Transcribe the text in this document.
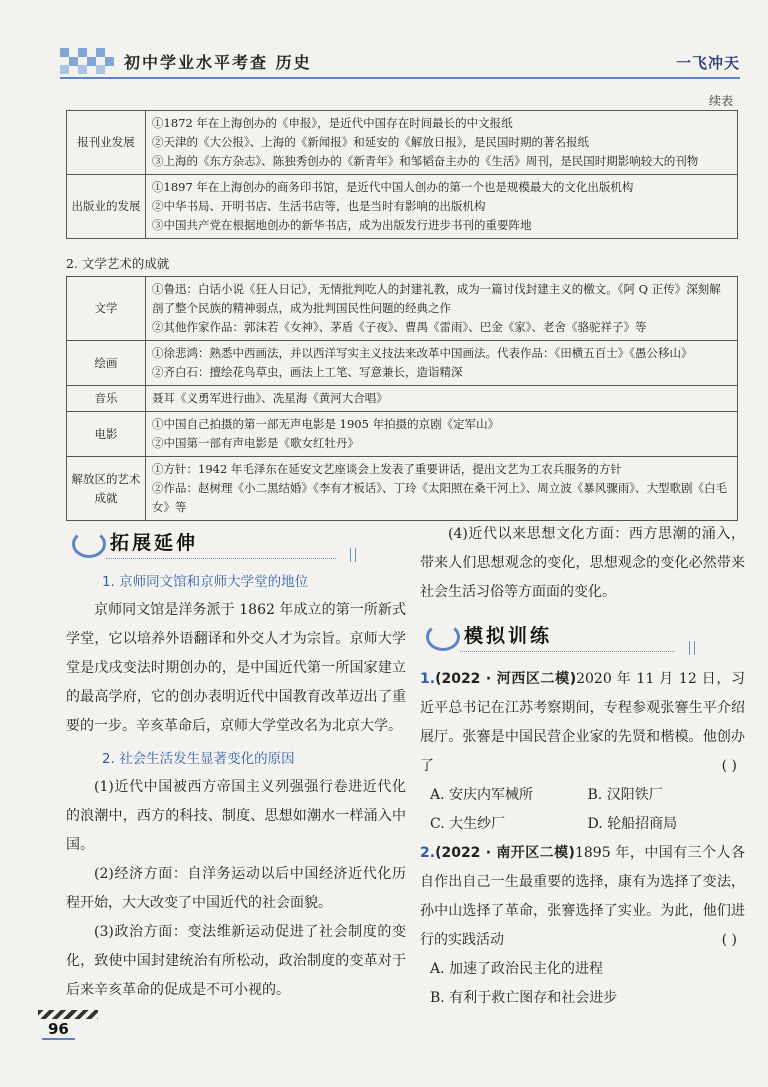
初中学业水平考查 历史	一飞冲天
续表
报刊业发展	①1872 年在上海创办的《申报》，是近代中国存在时间最长的中文报纸
②天津的《大公报》、上海的《新闻报》和延安的《解放日报》，是民国时期的著名报纸
③上海的《东方杂志》、陈独秀创办的《新青年》和邹韬奋主办的《生活》周刊，是民国时期影响较大的刊物

出版业的发展	①1897 年在上海创办的商务印书馆，是近代中国人创办的第一个也是规模最大的文化出版机构
②中华书局、开明书店、生活书店等，也是当时有影响的出版机构
③中国共产党在根据地创办的新华书店，成为出版发行进步书刊的重要阵地
2. 文学艺术的成就
文学	①鲁迅：白话小说《狂人日记》，无情批判吃人的封建礼教，成为一篇讨伐封建主义的檄文。《阿 Q 正传》深刻解剖了整个民族的精神弱点，成为批判国民性问题的经典之作
②其他作家作品：郭沫若《女神》、茅盾《子夜》、曹禺《雷雨》、巴金《家》、老舍《骆驼祥子》等

绘画	①徐悲鸿：熟悉中西画法，并以西洋写实主义技法来改革中国画法。代表作品：《田横五百士》《愚公移山》
②齐白石：擅绘花鸟草虫，画法上工笔、写意兼长，造诣精深

音乐	聂耳《义勇军进行曲》、冼星海《黄河大合唱》

电影	①中国自己拍摄的第一部无声电影是 1905 年拍摄的京剧《定军山》
②中国第一部有声电影是《歌女红牡丹》

解放区的艺术成就	①方针：1942 年毛泽东在延安文艺座谈会上发表了重要讲话，提出文艺为工农兵服务的方针
②作品：赵树理《小二黑结婚》《李有才板话》、丁玲《太阳照在桑干河上》、周立波《暴风骤雨》、大型歌剧《白毛女》等
拓展延伸
1. 京师同文馆和京师大学堂的地位

京师同文馆是洋务派于 1862 年成立的第一所新式学堂，它以培养外语翻译和外交人才为宗旨。京师大学堂是戊戌变法时期创办的，是中国近代第一所国家建立的最高学府，它的创办表明近代中国教育改革迈出了重要的一步。辛亥革命后，京师大学堂改名为北京大学。

2. 社会生活发生显著变化的原因

(1)近代中国被西方帝国主义列强强行卷进近代化的浪潮中，西方的科技、制度、思想如潮水一样涌入中国。

(2)经济方面：自洋务运动以后中国经济近代化历程开始，大大改变了中国近代的社会面貌。

(3)政治方面：变法维新运动促进了社会制度的变化，致使中国封建统治有所松动，政治制度的变革对于后来辛亥革命的促成是不可小视的。

(4)近代以来思想文化方面：西方思潮的涌入，带来人们思想观念的变化，思想观念的变化必然带来社会生活习俗等方面面的变化。

模拟训练

1.(2022 · 河西区二模)2020 年 11 月 12 日，习近平总书记在江苏考察期间，专程参观张謇生平介绍展厅。张謇是中国民营企业家的先贤和楷模。他创办了	( )

A. 安庆内军械所	B. 汉阳铁厂
C. 大生纱厂	D. 轮船招商局

2.(2022 · 南开区二模)1895 年，中国有三个人各自作出自己一生最重要的选择，康有为选择了变法，孙中山选择了革命，张謇选择了实业。为此，他们进行的实践活动	( )

A. 加速了政治民主化的进程
B. 有利于救亡图存和社会进步
96
